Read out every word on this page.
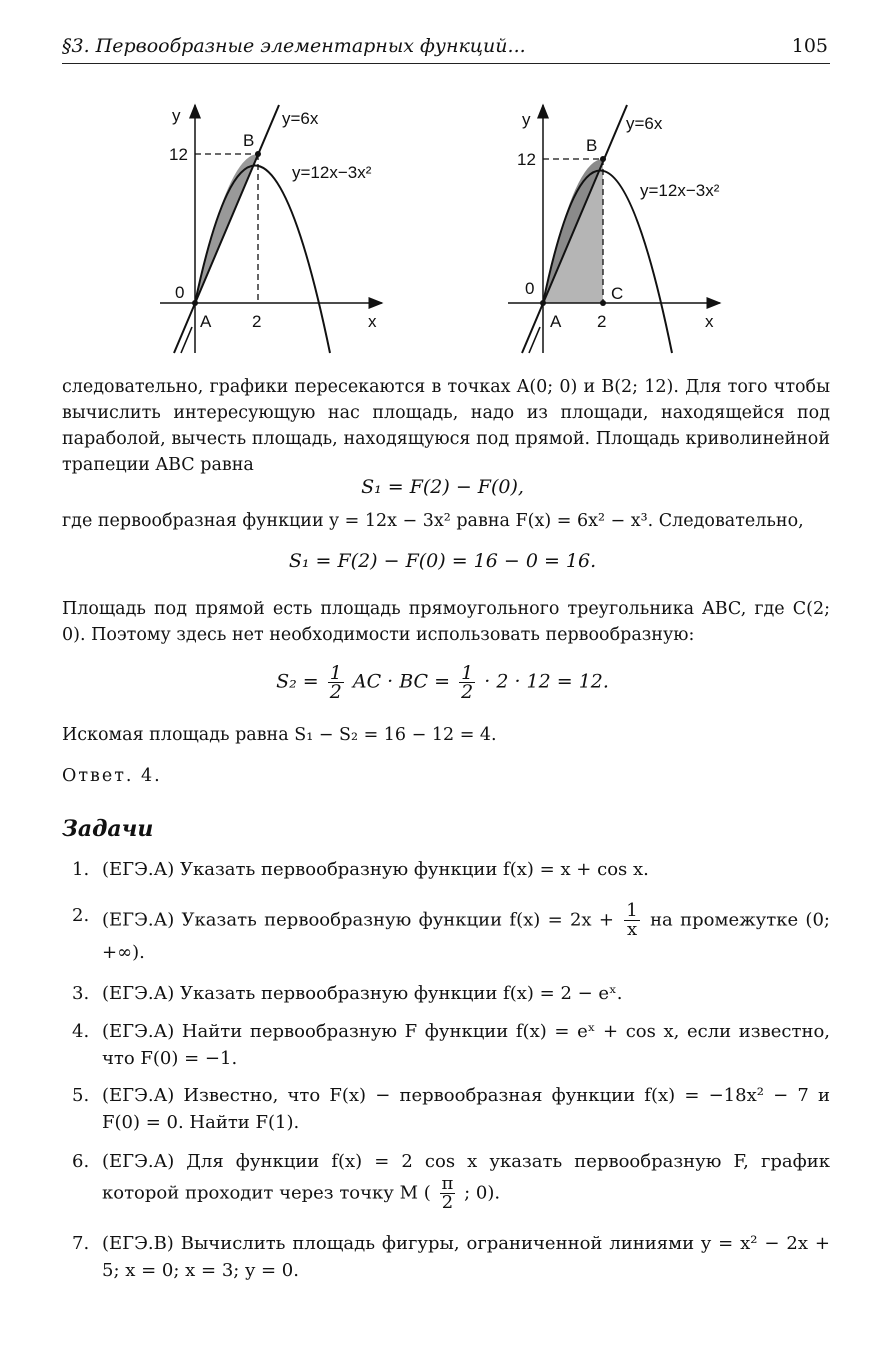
§3. Первообразные элементарных функций...	105
y
x
y=6x
y=12x−3x²
12
2
0
A
B
y
x
y=6x
y=12x−3x²
12
2
0
A
B
C
следовательно, графики пересекаются в точках A(0; 0) и B(2; 12). Для того чтобы вычислить интересующую нас площадь, надо из площади, находящейся под параболой, вычесть площадь, находящуюся под прямой. Площадь криволинейной трапеции ABC равна
S₁ = F(2) − F(0),
где первообразная функции y = 12x − 3x² равна F(x) = 6x² − x³. Следовательно,
S₁ = F(2) − F(0) = 16 − 0 = 16.
Площадь под прямой есть площадь прямоугольного треугольника ABC, где C(2; 0). Поэтому здесь нет необходимости использовать первообразную:
$S_2 = \frac{1}{2}$ AC · BC = $\frac{1}{2} \cdot 2 \cdot 12 = 12$.
Искомая площадь равна S₁ − S₂ = 16 − 12 = 4.
Ответ. 4.
Задачи
1. (ЕГЭ.А) Указать первообразную функции f(x) = x + cos x.
2. (ЕГЭ.А) Указать первообразную функции $f(x) = 2x + \frac{1}{x}$ на промежутке (0; +∞).
3. (ЕГЭ.А) Указать первообразную функции f(x) = 2 − eˣ.
4. (ЕГЭ.А) Найти первообразную F функции f(x) = eˣ + cos x, если известно, что F(0) = −1.
5. (ЕГЭ.А) Известно, что F(x) − первообразная функции f(x) = −18x² − 7 и F(0) = 0. Найти F(1).
6. (ЕГЭ.А) Для функции f(x) = 2 cos x указать первообразную F, график которой проходит через точку M ( $\frac{\pi}{2}$ ; 0).
7. (ЕГЭ.В) Вычислить площадь фигуры, ограниченной линиями y = x² − 2x + 5; x = 0; x = 3; y = 0.
